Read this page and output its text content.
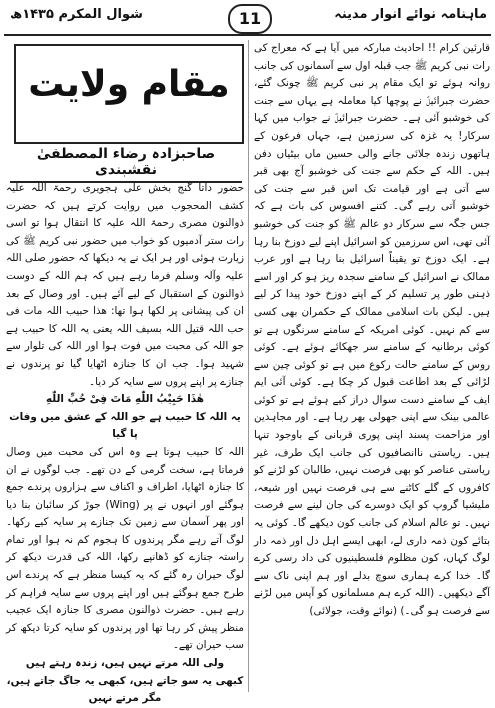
ماہنامہ نوائے انوار مدینہ
11
شوال المکرم ۱۴۳۵ھ

قارئین کرام !! احادیث مبارکہ میں آیا ہے کہ معراج کی رات نبی کریم ﷺ جب قبلہ اول سے آسمانوں کی جانب روانہ ہوئے تو ایک مقام پر نبی کریم ﷺ چونک گئے، حضرت جبرائیلؑ نے پوچھا کیا معاملہ ہے یہاں سے جنت کی خوشبو آئی ہے۔ حضرت جبرائیلؑ نے جواب میں کہا سرکار! یہ غزہ کی سرزمین ہے، جہاں فرعون کے ہاتھوں زندہ جلائی جانے والی حسین ماں بیٹیاں دفن ہیں۔ اللہ کے حکم سے جنت کی خوشبو آج بھی قبر سے آتی ہے اور قیامت تک اس قبر سے جنت کی خوشبو آتی رہے گی۔ کتنے افسوس کی بات ہے کہ جس جگہ سے سرکار دو عالم ﷺ کو جنت کی خوشبو آئی تھی، اس سرزمین کو اسرائیل اپنے لیے دوزخ بنا رہا ہے۔ ایک دوزخ تو یقیناً اسرائیل بنا رہا ہے اور عرب ممالک نے اسرائیل کے سامنے سجدہ ریز ہو کر اور اسے ذہنی طور پر تسلیم کر کے اپنے دوزخ خود پیدا کر لیے ہیں۔ لیکن بات اسلامی ممالک کے حکمران بھی کسی سے کم نہیں۔ کوئی امریکہ کے سامنے سرنگوں ہے تو کوئی برطانیہ کے سامنے سر جھکائے ہوئے ہے۔ کوئی روس کے سامنے حالت رکوع میں ہے تو کوئی چین سے لڑائی کے بعد اطاعت قبول کر چکا ہے۔ کوئی آئی ایم ایف کے سامنے دست سوال دراز کیے ہوئے ہے تو کوئی عالمی بینک سے اپنی جھولی بھر رہا ہے۔ اور مجاہدین اور مزاحمت پسند اپنی پوری قربانی کے باوجود تنہا ہیں۔ ریاستی ناانصافیوں کی جانب ایک طرف، غیر ریاستی عناصر کو بھی فرصت نہیں، طالبان کو لڑنے کو کافروں کے گلے کاٹنے سے ہی فرصت نہیں اور شیعہ، ملیشیا گروپ کو ایک دوسرے کی جان لینے سے فرصت نہیں۔ تو عالم اسلام کی جانب کون دیکھے گا۔ کوئی یہ بتائے کون ذمہ داری لے، ابھی ایسے اہل دل اور ذمہ دار لوگ کہاں، کون مظلوم فلسطینیوں کی داد رسی کرے گا۔ خدا کرے ہماری سوچ بدلے اور ہم اپنی ناک سے آگے دیکھیں۔ (اللہ کرے ہم مسلمانوں کو آپس میں لڑنے سے فرصت ہو گی۔) (نوائے وقت، جولائی)

مقام ولایت
صاحبزادہ رضاء المصطفیٰ نقشبندی

حضور داتا گنج بخش علی ہجویری رحمۃ اللہ علیہ کشف المحجوب میں روایت کرتے ہیں کہ حضرت ذوالنون مصری رحمۃ اللہ علیہ کا انتقال ہوا تو اسی رات ستر آدمیوں کو خواب میں حضور نبی کریم ﷺ کی زیارت ہوئی اور ہر ایک نے یہ دیکھا کہ حضور صلی اللہ علیہ وآلہ وسلم فرما رہے ہیں کہ ہم اللہ کے دوست ذوالنون کے استقبال کے لیے آئے ہیں۔ اور وصال کے بعد ان کی پیشانی پر لکھا ہوا تھا: هذا حبیب اللہ مات فی حب اللہ قتیل اللہ بسیف اللہ یعنی یہ اللہ کا حبیب ہے جو اللہ کی محبت میں فوت ہوا اور اللہ کی تلوار سے شہید ہوا۔ جب ان کا جنازہ اٹھایا گیا تو پرندوں نے جنازے پر اپنے پروں سے سایہ کر دیا۔

هٰذَا حَبِيْبُ اللّٰهِ مَاتَ فِىْ حُبِّ اللّٰهِ

یہ اللہ کا حبیب ہے جو اللہ کے عشق میں وفات پا گیا

اللہ کا حبیب ہوتا ہے وہ اس کی محبت میں وصال فرماتا ہے، سخت گرمی کے دن تھے۔ جب لوگوں نے ان کا جنازہ اٹھایا، اطراف و اکناف سے ہزاروں پرندے جمع ہوگئے اور انہوں نے پر (Wing) جوڑ کر سائبان بنا دیا اور پھر آسمان سے زمین تک جنازے پر سایہ کیے رکھا۔ لوگ آتے رہے مگر پرندوں کا ہجوم کم نہ ہوا اور تمام راستہ جنازے کو ڈھانپے رکھا، اللہ کی قدرت دیکھ کر لوگ حیران رہ گئے کہ یہ کیسا منظر ہے کہ پرندے اس طرح جمع ہوگئے ہیں اور اپنے پروں سے سایہ فراہم کر رہے ہیں۔ حضرت ذوالنون مصری کا جنازہ ایک عجیب منظر پیش کر رہا تھا اور پرندوں کو سایہ کرتا دیکھ کر سب حیران تھے۔

ولی اللہ مرتے نہیں ہیں، زندہ رہتے ہیں

کبھی یہ سو جاتے ہیں، کبھی یہ جاگ جاتے ہیں، مگر مرتے نہیں
